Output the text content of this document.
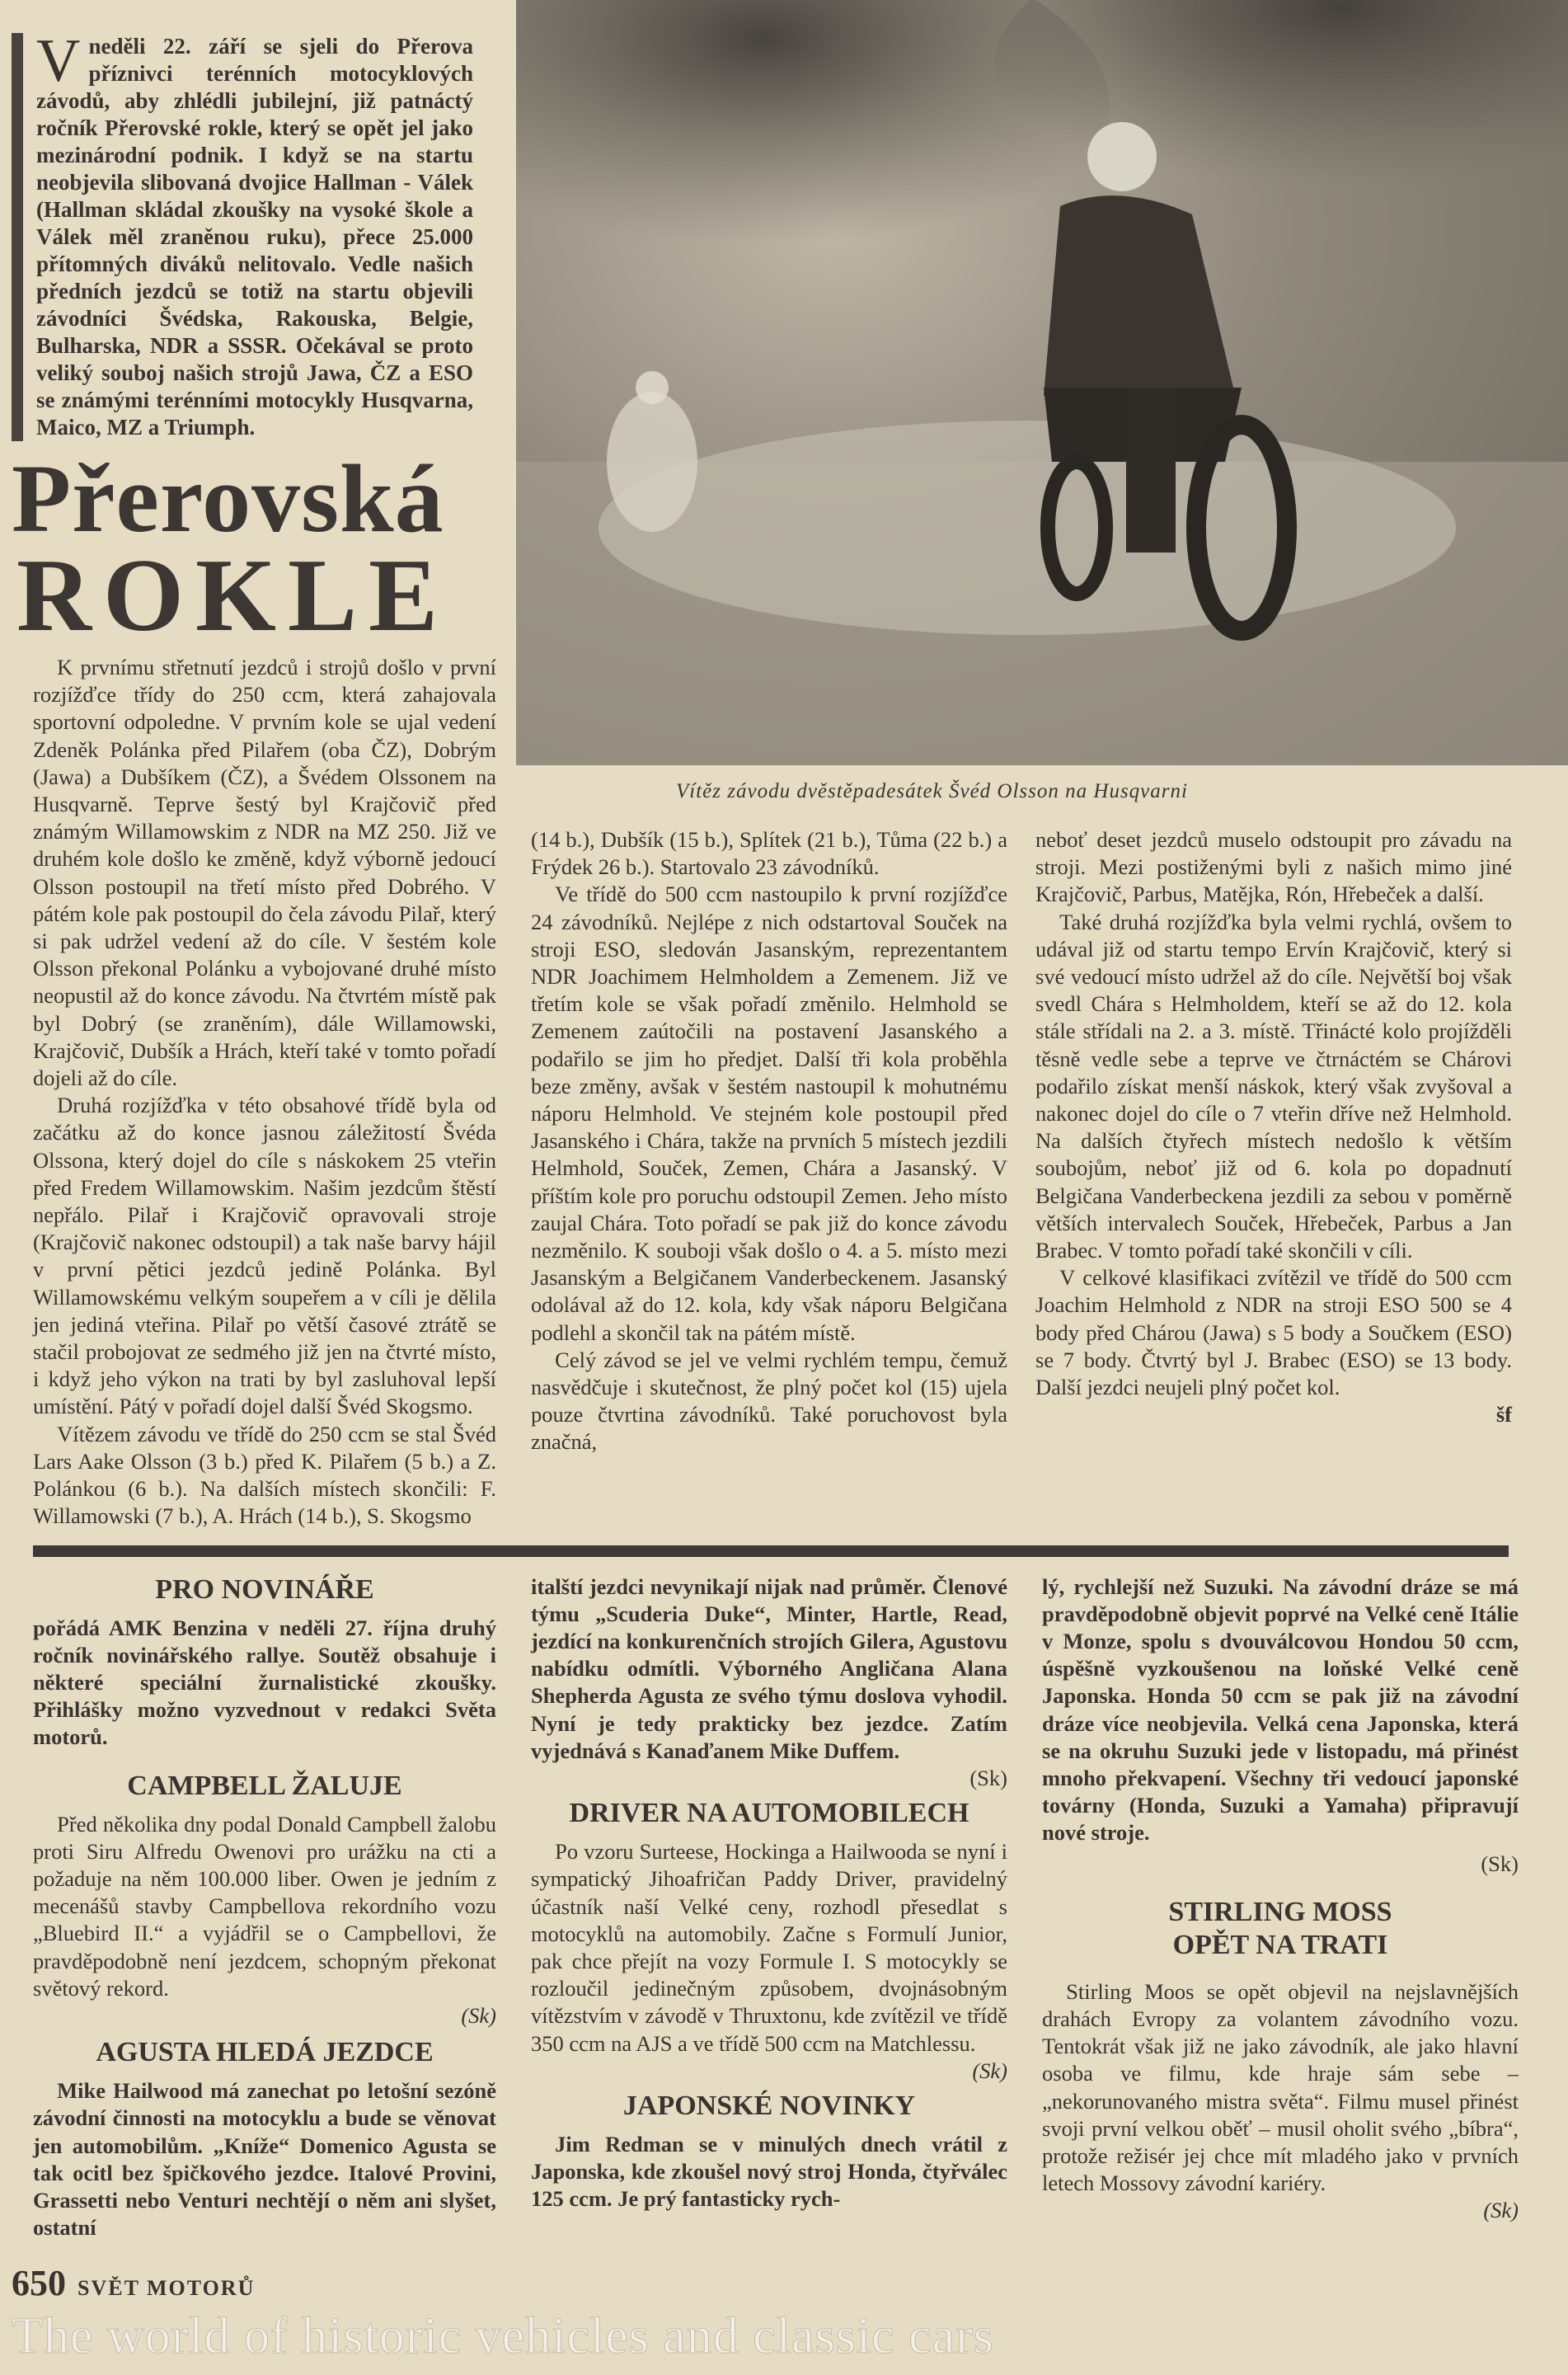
V neděli 22. září se sjeli do Přerova příznivci terénních motocyklových závodů, aby zhlédli jubilejní, již patnáctý ročník Přerovské rokle, který se opět jel jako mezinárodní podnik. I když se na startu neobjevila slibovaná dvojice Hallman - Válek (Hallman skládal zkoušky na vysoké škole a Válek měl zraněnou ruku), přece 25.000 přítomných diváků nelitovalo. Vedle našich předních jezdců se totiž na startu objevili závodníci Švédska, Rakouska, Belgie, Bulharska, NDR a SSSR. Očekával se proto veliký souboj našich strojů Jawa, ČZ a ESO se známými terénními motocykly Husqvarna, Maico, MZ a Triumph.

Přerovská
ROKLE

K prvnímu střetnutí jezdců i strojů došlo v první rozjížďce třídy do 250 ccm, která zahajovala sportovní odpoledne. V prvním kole se ujal vedení Zdeněk Polánka před Pilařem (oba ČZ), Dobrým (Jawa) a Dubšíkem (ČZ), a Švédem Olssonem na Husqvarně. Teprve šestý byl Krajčovič před známým Willamowskim z NDR na MZ 250. Již ve druhém kole došlo ke změně, když výborně jedoucí Olsson postoupil na třetí místo před Dobrého. V pátém kole pak postoupil do čela závodu Pilař, který si pak udržel vedení až do cíle. V šestém kole Olsson překonal Polánku a vybojované druhé místo neopustil až do konce závodu. Na čtvrtém místě pak byl Dobrý (se zraněním), dále Willamowski, Krajčovič, Dubšík a Hrách, kteří také v tomto pořadí dojeli až do cíle.

Druhá rozjížďka v této obsahové třídě byla od začátku až do konce jasnou záležitostí Švéda Olssona, který dojel do cíle s náskokem 25 vteřin před Fredem Willamowskim. Našim jezdcům štěstí nepřálo. Pilař i Krajčovič opravovali stroje (Krajčovič nakonec odstoupil) a tak naše barvy hájil v první pětici jezdců jedině Polánka. Byl Willamowskému velkým soupeřem a v cíli je dělila jen jediná vteřina. Pilař po větší časové ztrátě se stačil probojovat ze sedmého již jen na čtvrté místo, i když jeho výkon na trati by byl zasluhoval lepší umístění. Pátý v pořadí dojel další Švéd Skogsmo.

Vítězem závodu ve třídě do 250 ccm se stal Švéd Lars Aake Olsson (3 b.) před K. Pilařem (5 b.) a Z. Polánkou (6 b.). Na dalších místech skončili: F. Willamowski (7 b.), A. Hrách (14 b.), S. Skogsmo

Vítěz závodu dvěstěpadesátek Švéd Olsson na Husqvarni

(14 b.), Dubšík (15 b.), Splítek (21 b.), Tůma (22 b.) a Frýdek 26 b.). Startovalo 23 závodníků.

Ve třídě do 500 ccm nastoupilo k první rozjížďce 24 závodníků. Nejlépe z nich odstartoval Souček na stroji ESO, sledován Jasanským, reprezentantem NDR Joachimem Helmholdem a Zemenem. Již ve třetím kole se však pořadí změnilo. Helmhold se Zemenem zaútočili na postavení Jasanského a podařilo se jim ho předjet. Další tři kola proběhla beze změny, avšak v šestém nastoupil k mohutnému náporu Helmhold. Ve stejném kole postoupil před Jasanského i Chára, takže na prvních 5 místech jezdili Helmhold, Souček, Zemen, Chára a Jasanský. V příštím kole pro poruchu odstoupil Zemen. Jeho místo zaujal Chára. Toto pořadí se pak již do konce závodu nezměnilo. K souboji však došlo o 4. a 5. místo mezi Jasanským a Belgičanem Vanderbeckenem. Jasanský odolával až do 12. kola, kdy však náporu Belgičana podlehl a skončil tak na pátém místě.

Celý závod se jel ve velmi rychlém tempu, čemuž nasvědčuje i skutečnost, že plný počet kol (15) ujela pouze čtvrtina závodníků. Také poruchovost byla značná,

neboť deset jezdců muselo odstoupit pro závadu na stroji. Mezi postiženými byli z našich mimo jiné Krajčovič, Parbus, Matějka, Rón, Hřebeček a další.

Také druhá rozjížďka byla velmi rychlá, ovšem to udával již od startu tempo Ervín Krajčovič, který si své vedoucí místo udržel až do cíle. Největší boj však svedl Chára s Helmholdem, kteří se až do 12. kola stále střídali na 2. a 3. místě. Třinácté kolo projížděli těsně vedle sebe a teprve ve čtrnáctém se Chárovi podařilo získat menší náskok, který však zvyšoval a nakonec dojel do cíle o 7 vteřin dříve než Helmhold. Na dalších čtyřech místech nedošlo k větším soubojům, neboť již od 6. kola po dopadnutí Belgičana Vanderbeckena jezdili za sebou v poměrně větších intervalech Souček, Hřebeček, Parbus a Jan Brabec. V tomto pořadí také skončili v cíli.

V celkové klasifikaci zvítězil ve třídě do 500 ccm Joachim Helmhold z NDR na stroji ESO 500 se 4 body před Chárou (Jawa) s 5 body a Součkem (ESO) se 7 body. Čtvrtý byl J. Brabec (ESO) se 13 body. Další jezdci neujeli plný počet kol.

šf
PRO NOVINÁŘE

pořádá AMK Benzina v neděli 27. října druhý ročník novinářského rallye. Soutěž obsahuje i některé speciální žurnalistické zkoušky. Přihlášky možno vyzvednout v redakci Světa motorů.

CAMPBELL ŽALUJE

Před několika dny podal Donald Campbell žalobu proti Siru Alfredu Owenovi pro urážku na cti a požaduje na něm 100.000 liber. Owen je jedním z mecenášů stavby Campbellova rekordního vozu „Bluebird II.“ a vyjádřil se o Campbellovi, že pravděpodobně není jezdcem, schopným překonat světový rekord.

(Sk)
AGUSTA HLEDÁ JEZDCE

Mike Hailwood má zanechat po letošní sezóně závodní činnosti na motocyklu a bude se věnovat jen automobilům. „Kníže“ Domenico Agusta se tak ocitl bez špičkového jezdce. Italové Provini, Grassetti nebo Venturi nechtějí o něm ani slyšet, ostatní

italští jezdci nevynikají nijak nad průměr. Členové týmu „Scuderia Duke“, Minter, Hartle, Read, jezdící na konkurenčních strojích Gilera, Agustovu nabídku odmítli. Výborného Angličana Alana Shepherda Agusta ze svého týmu doslova vyhodil. Nyní je tedy prakticky bez jezdce. Zatím vyjednává s Kanaďanem Mike Duffem.

(Sk)
DRIVER NA AUTOMOBILECH

Po vzoru Surteese, Hockinga a Hailwooda se nyní i sympatický Jihoafričan Paddy Driver, pravidelný účastník naší Velké ceny, rozhodl přesedlat s motocyklů na automobily. Začne s Formulí Junior, pak chce přejít na vozy Formule I. S motocykly se rozloučil jedinečným způsobem, dvojnásobným vítězstvím v závodě v Thruxtonu, kde zvítězil ve třídě 350 ccm na AJS a ve třídě 500 ccm na Matchlessu.

(Sk)
JAPONSKÉ NOVINKY

Jim Redman se v minulých dnech vrátil z Japonska, kde zkoušel nový stroj Honda, čtyřválec 125 ccm. Je prý fantasticky rych-

lý, rychlejší než Suzuki. Na závodní dráze se má pravděpodobně objevit poprvé na Velké ceně Itálie v Monze, spolu s dvouválcovou Hondou 50 ccm, úspěšně vyzkoušenou na loňské Velké ceně Japonska. Honda 50 ccm se pak již na závodní dráze více neobjevila. Velká cena Japonska, která se na okruhu Suzuki jede v listopadu, má přinést mnoho překvapení. Všechny tři vedoucí japonské továrny (Honda, Suzuki a Yamaha) připravují nové stroje.

(Sk)
STIRLING MOSS
OPĚT NA TRATI

Stirling Moos se opět objevil na nejslavnějších drahách Evropy za volantem závodního vozu. Tentokrát však již ne jako závodník, ale jako hlavní osoba ve filmu, kde hraje sám sebe – „nekorunovaného mistra světa“. Filmu musel přinést svoji první velkou oběť – musil oholit svého „bíbra“, protože režisér jej chce mít mladého jako v prvních letech Mossovy závodní kariéry.

(Sk)
650 SVĚT MOTORŮ
The world of historic vehicles and classic cars
